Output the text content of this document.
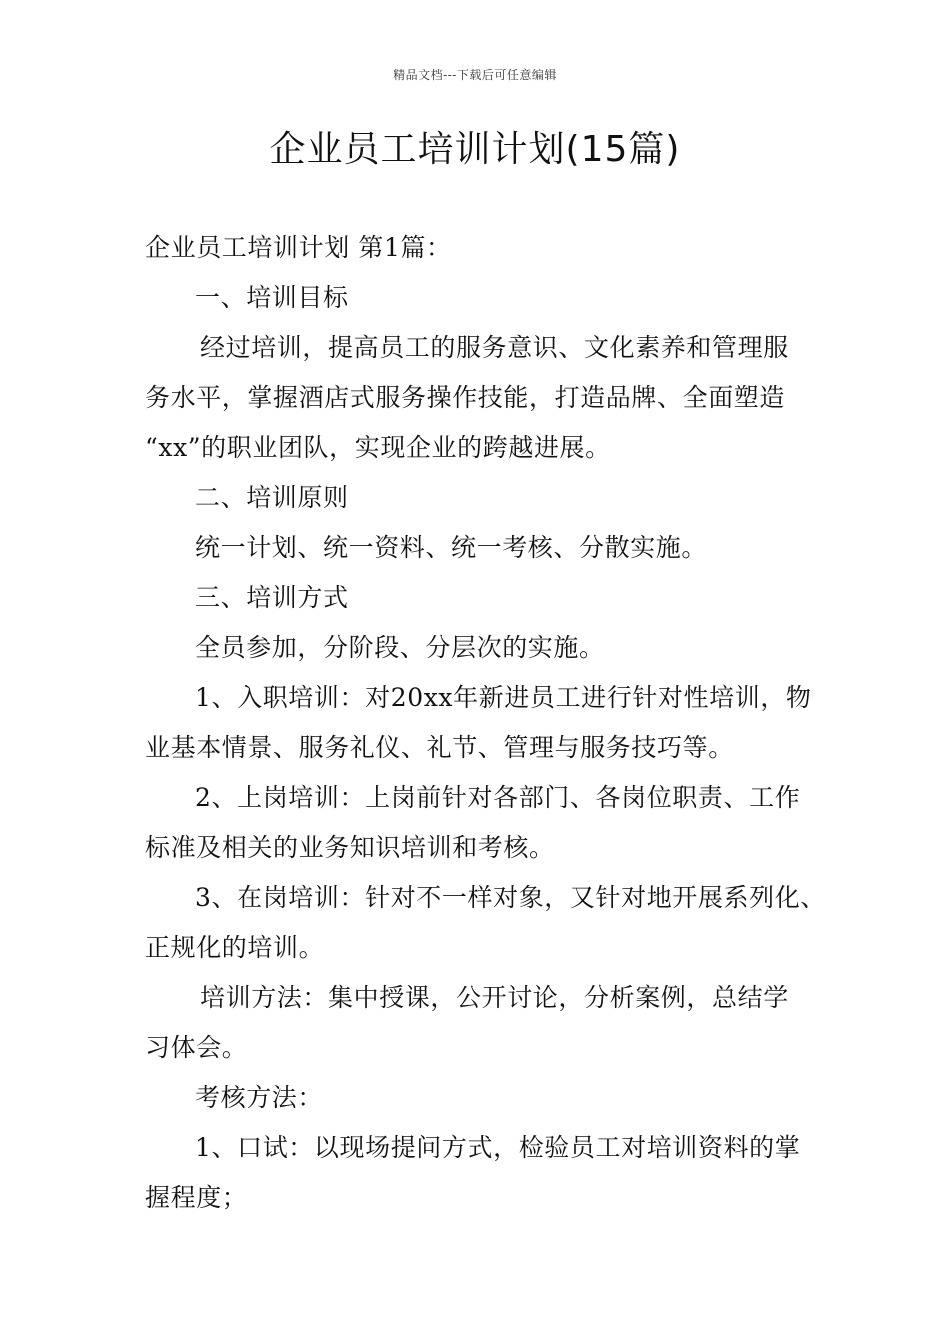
精品文档---下载后可任意编辑
企业员工培训计划(15篇)
企业员工培训计划 第1篇：
一、培训目标
经过培训，提高员工的服务意识、文化素养和管理服
务水平，掌握酒店式服务操作技能，打造品牌、全面塑造
“xx”的职业团队，实现企业的跨越进展。
二、培训原则
统一计划、统一资料、统一考核、分散实施。
三、培训方式
全员参加，分阶段、分层次的实施。
1、入职培训：对20xx年新进员工进行针对性培训，物
业基本情景、服务礼仪、礼节、管理与服务技巧等。
2、上岗培训：上岗前针对各部门、各岗位职责、工作
标准及相关的业务知识培训和考核。
3、在岗培训：针对不一样对象，又针对地开展系列化、
正规化的培训。
培训方法：集中授课，公开讨论，分析案例，总结学
习体会。
考核方法：
1、口试：以现场提问方式，检验员工对培训资料的掌
握程度；
